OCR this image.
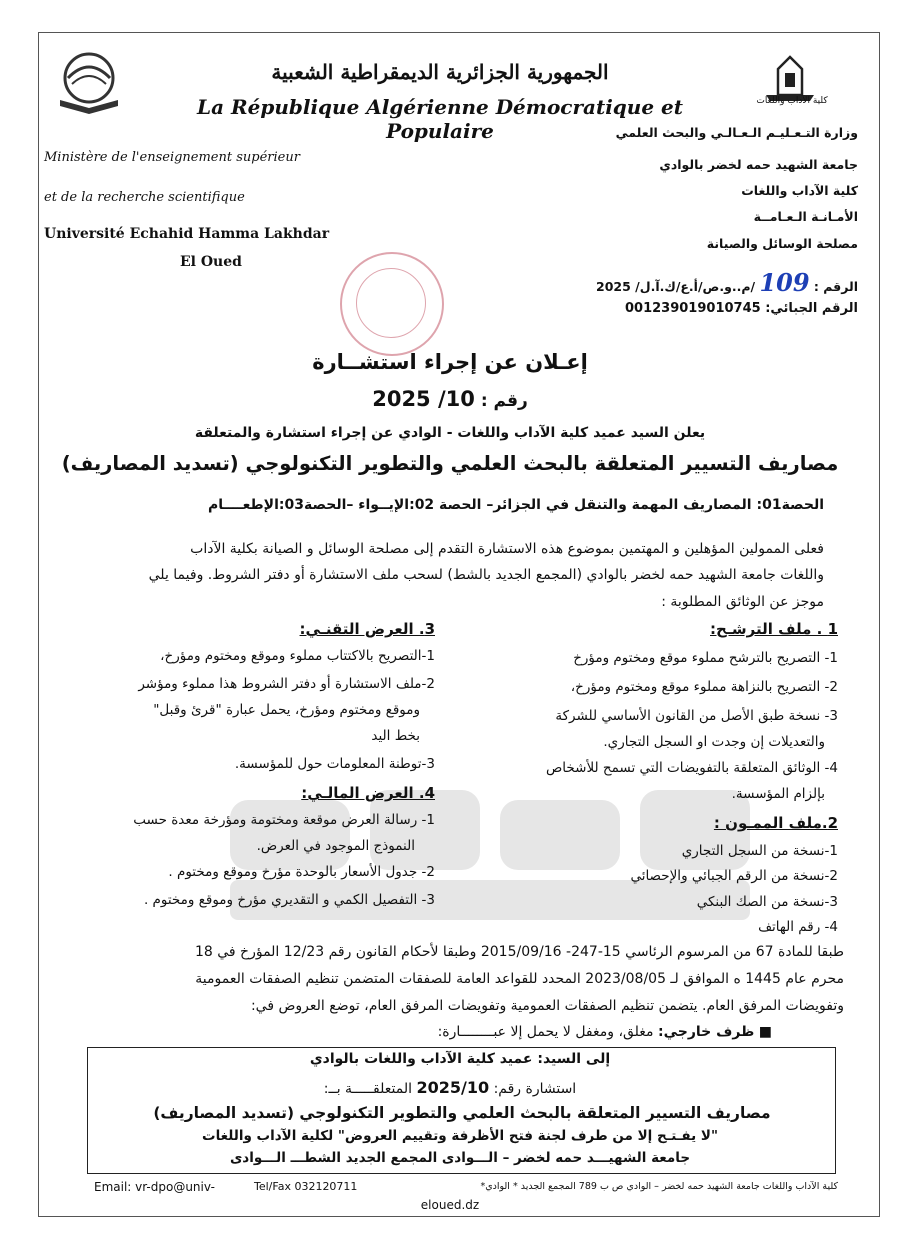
كلية الآداب واللغات
الجمهورية الجزائرية الديمقراطية الشعبية
La République Algérienne Démocratique et Populaire
Ministère de l'enseignement supérieur
et de la recherche scientifique
Université Echahid Hamma Lakhdar
El Oued
وزارة التـعـليـم الـعـالـي والبحث العلمي
جامعة الشهيد حمه لخضر بالوادي
كلية الآداب واللغات
الأمـانـة الـعـامــة
مصلحة الوسائل والصيانة
الرقم : 109 /م..و.ص/أ.ع/ك.آ.ل/ 2025
الرقم الجبائي: 001239019010745
إعـلان عن إجراء استشــارة
رقم : 10/ 2025
يعلن السيد عميد كلية الآداب واللغات - الوادي عن إجراء استشارة والمتعلقة
مصاريف التسيير المتعلقة بالبحث العلمي والتطوير التكنولوجي (تسديد المصاريف)
الحصة01: المصاريف المهمة والتنقل في الجزائر– الحصة 02:الإيــواء –الحصة03:الإطعــــام
فعلى الممولين المؤهلين و المهتمين بموضوع هذه الاستشارة التقدم إلى مصلحة الوسائل و الصيانة بكلية الآداب
واللغات جامعة الشهيد حمه لخضر بالوادي (المجمع الجديد بالشط) لسحب ملف الاستشارة أو دفتر الشروط. وفيما يلي
موجز عن الوثائق المطلوبة :
1 . ملف الترشـح:
1- التصريح بالترشح مملوء موقع ومختوم ومؤرخ
2- التصريح بالنزاهة مملوء موقع ومختوم ومؤرخ،
3- نسخة طبق الأصل من القانون الأساسي للشركة
والتعديلات إن وجدت او السجل التجاري.
4- الوثائق المتعلقة بالتفويضات التي تسمح للأشخاص
بإلزام المؤسسة.
2.ملف الممـون :
1-نسخة من السجل التجاري
2-نسخة من الرقم الجبائي والإحصائي
3-نسخة من الصك البنكي
4- رقم الهاتف
3. العرض التقنـي:
1-التصريح بالاكتتاب مملوء وموقع ومختوم ومؤرخ،
2-ملف الاستشارة أو دفتر الشروط هذا مملوء ومؤشر
وموقع ومختوم ومؤرخ، يحمل عبارة "قرئ وقبل"
بخط اليد
3-توطنة المعلومات حول للمؤسسة.
4. العرض المالـي:
1- رسالة العرض موقعة ومختومة ومؤرخة معدة حسب
النموذج الموجود في العرض.
2- جدول الأسعار بالوحدة مؤرخ وموقع ومختوم .
3- التفصيل الكمي و التقديري مؤرخ وموقع ومختوم .
طبقا للمادة 67 من المرسوم الرئاسي 15-247- 2015/09/16 وطبقا لأحكام القانون رقم 12/23 المؤرخ في 18
محرم عام 1445 ه الموافق لـ 2023/08/05 المحدد للقواعد العامة للصفقات المتضمن تنظيم الصفقات العمومية
وتفويضات المرفق العام. يتضمن تنظيم الصفقات العمومية وتفويضات المرفق العام، توضع العروض في:
■ ظرف خارجي: مغلق، ومغفل لا يحمل إلا عبــــــــارة:
إلى السيد: عميد كلية الآداب واللغات بالوادي
استشارة رقم: 2025/10 المتعلقـــــة بــ:
مصاريف التسيير المتعلقة بالبحث العلمي والتطوير التكنولوجي (تسديد المصاريف)
"لا يفـتـح إلا من طرف لجنة فتح الأظرفة وتقييم العروض" لكلية الآداب واللغات
جامعة الشهيـــد حمه لخضر – الـــوادى المجمع الجديد الشطـــ الـــوادى
Email: vr-dpo@univ-	Tel/Fax 032120711	كلية الآداب واللغات جامعة الشهيد حمه لخضر – الوادي ص ب 789 المجمع الجديد * الوادي*
eloued.dz
